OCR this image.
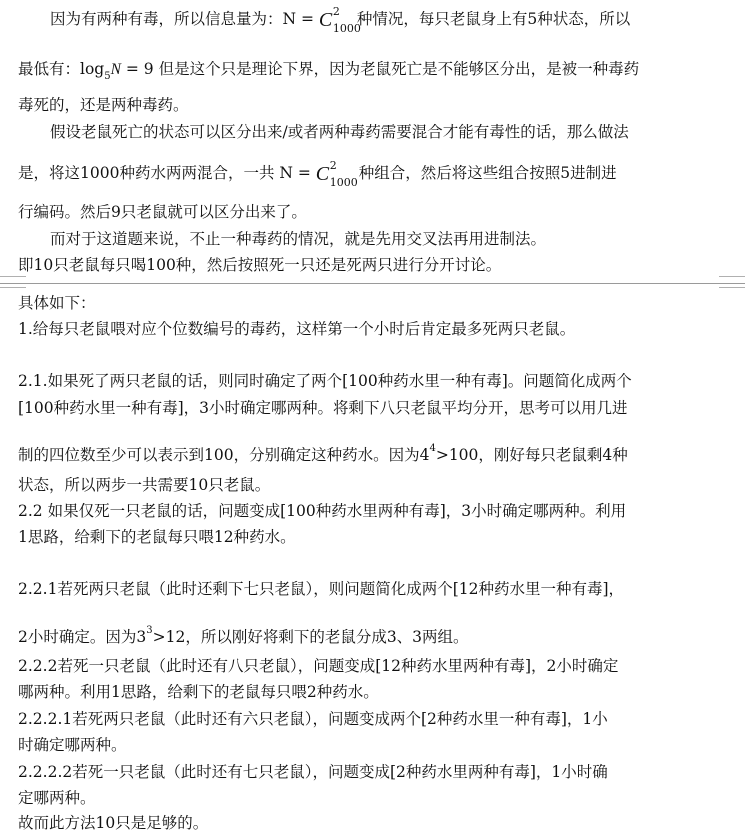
因为有两种有毒，所以信息量为：N = C 2
1000
种情况，每只老鼠身上有5种状态，所以
最低有：$\log_5N = 9$ 但是这个只是理论下界，因为老鼠死亡是不能够区分出，是被一种毒药
毒死的，还是两种毒药。
假设老鼠死亡的状态可以区分出来/或者两种毒药需要混合才能有毒性的话，那么做法
是，将这1000种药水两两混合，一共 N = C 2
1000
种组合，然后将这些组合按照5进制进
行编码。然后9只老鼠就可以区分出来了。
而对于这道题来说，不止一种毒药的情况，就是先用交叉法再用进制法。
即10只老鼠每只喝100种，然后按照死一只还是死两只进行分开讨论。
具体如下：
1.给每只老鼠喂对应个位数编号的毒药，这样第一个小时后肯定最多死两只老鼠。
2.1.如果死了两只老鼠的话，则同时确定了两个[100种药水里一种有毒]。问题简化成两个
[100种药水里一种有毒]，3小时确定哪两种。将剩下八只老鼠平均分开，思考可以用几进
制的四位数至少可以表示到100，分别确定这种药水。因为$4^4>100$，刚好每只老鼠剩4种
状态，所以两步一共需要10只老鼠。
2.2 如果仅死一只老鼠的话，问题变成[100种药水里两种有毒]，3小时确定哪两种。利用
1思路，给剩下的老鼠每只喂12种药水。
2.2.1若死两只老鼠（此时还剩下七只老鼠），则问题简化成两个[12种药水里一种有毒]，
2小时确定。因为$3^3>12$，所以刚好将剩下的老鼠分成3、3两组。
2.2.2若死一只老鼠（此时还有八只老鼠），问题变成[12种药水里两种有毒]，2小时确定
哪两种。利用1思路，给剩下的老鼠每只喂2种药水。
2.2.2.1若死两只老鼠（此时还有六只老鼠），问题变成两个[2种药水里一种有毒]，1小
时确定哪两种。
2.2.2.2若死一只老鼠（此时还有七只老鼠），问题变成[2种药水里两种有毒]，1小时确
定哪两种。
故而此方法10只是足够的。
